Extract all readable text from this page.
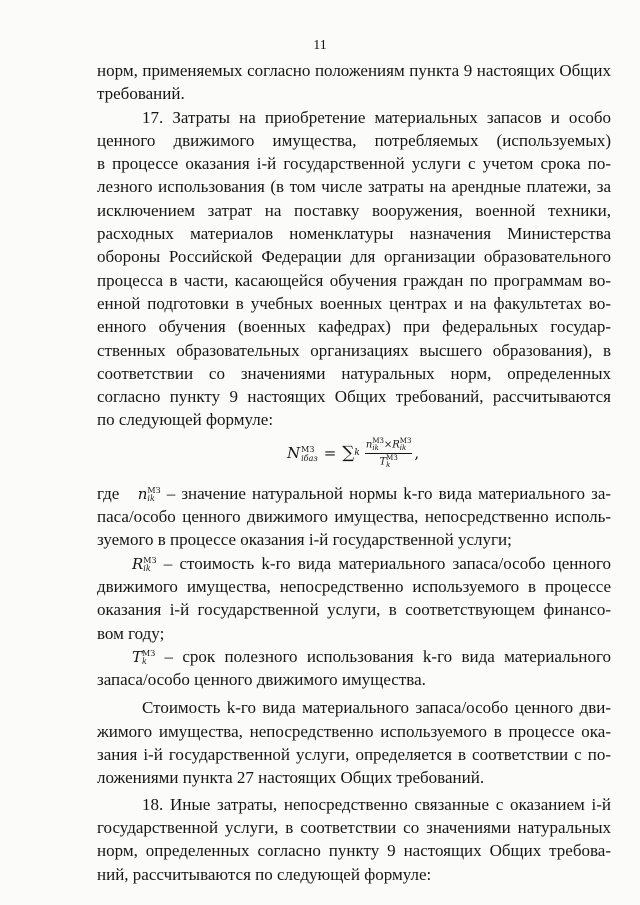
11
норм, применяемых согласно положениям пункта 9 настоящих Общих
требований.
17. Затраты на приобретение материальных запасов и особо
ценного движимого имущества, потребляемых (используемых)
в процессе оказания i-й государственной услуги с учетом срока по-
лезного использования (в том числе затраты на арендные платежи, за
исключением затрат на поставку вооружения, военной техники,
расходных материалов номенклатуры назначения Министерства
обороны Российской Федерации для организации образовательного
процесса в части, касающейся обучения граждан по программам во-
енной подготовки в учебных военных центрах и на факультетах во-
енного обучения (военных кафедрах) при федеральных государ-
ственных образовательных организациях высшего образования), в
соответствии со значениями натуральных норм, определенных
согласно пункту 9 настоящих Общих требований, рассчитываются
по следующей формуле:
N МЗ
iбаз = ∑ k n МЗ
ik ×R МЗ
ik
T МЗ
k ,
где n МЗ
ik – значение натуральной нормы k-го вида материального за-
паса/особо ценного движимого имущества, непосредственно исполь-
зуемого в процессе оказания i-й государственной услуги;
R МЗ
ik – стоимость k-го вида материального запаса/особо ценного
движимого имущества, непосредственно используемого в процессе
оказания i-й государственной услуги, в соответствующем финансо-
вом году;
T МЗ
k	– срок полезного использования k-го вида материального
запаса/особо ценного движимого имущества.
Стоимость k-го вида материального запаса/особо ценного дви-
жимого имущества, непосредственно используемого в процессе ока-
зания i-й государственной услуги, определяется в соответствии с по-
ложениями пункта 27 настоящих Общих требований.
18. Иные затраты, непосредственно связанные с оказанием i-й
государственной услуги, в соответствии со значениями натуральных
норм, определенных согласно пункту 9 настоящих Общих требова-
ний, рассчитываются по следующей формуле:
